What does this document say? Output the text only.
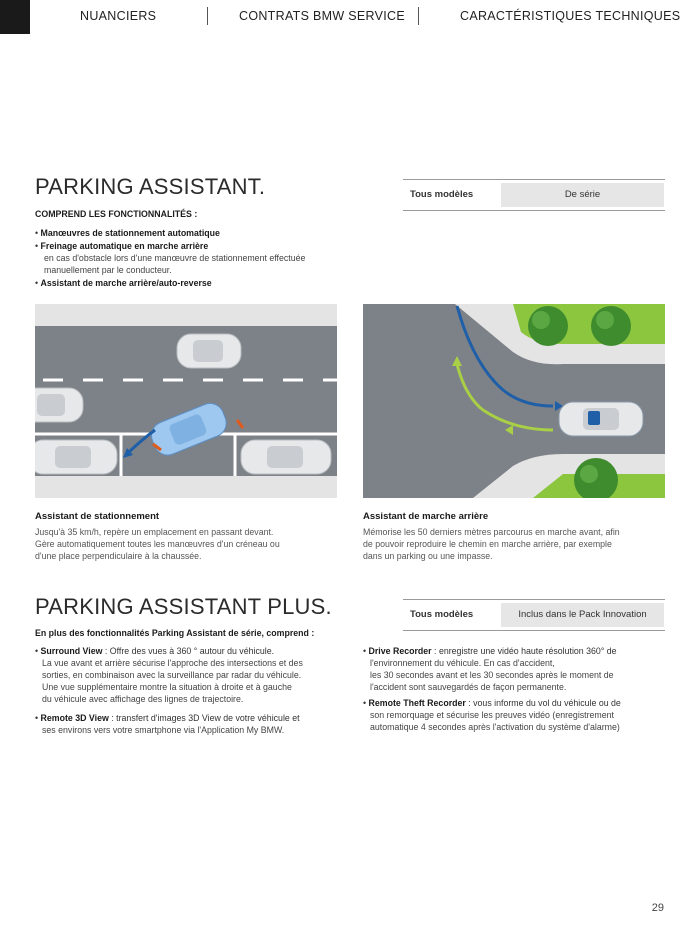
NUANCIERS	CONTRATS BMW SERVICE	CARACTÉRISTIQUES TECHNIQUES
PARKING ASSISTANT.	Tous modèles	De série
COMPREND LES FONCTIONNALITÉS :
• Manœuvres de stationnement automatique
• Freinage automatique en marche arrière
en cas d'obstacle lors d'une manœuvre de stationnement effectuée
manuellement par le conducteur.
• Assistant de marche arrière/auto-reverse
Assistant de stationnement
Jusqu'à 35 km/h, repère un emplacement en passant devant.
Gère automatiquement toutes les manœuvres d'un créneau ou
d'une place perpendiculaire à la chaussée.
Assistant de marche arrière
Mémorise les 50 derniers mètres parcourus en marche avant, afin
de pouvoir reproduire le chemin en marche arrière, par exemple
dans un parking ou une impasse.
PARKING ASSISTANT PLUS.	Tous modèles	Inclus dans le Pack Innovation
En plus des fonctionnalités Parking Assistant de série, comprend :
• Surround View : Offre des vues à 360 ° autour du véhicule.
La vue avant et arrière sécurise l'approche des intersections et des
sorties, en combinaison avec la surveillance par radar du véhicule.
Une vue supplémentaire montre la situation à droite et à gauche
du véhicule avec affichage des lignes de trajectoire.
• Remote 3D View : transfert d'images 3D View de votre véhicule et
ses environs vers votre smartphone via l'Application My BMW.
• Drive Recorder : enregistre une vidéo haute résolution 360° de
l'environnement du véhicule. En cas d'accident,
les 30 secondes avant et les 30 secondes après le moment de
l'accident sont sauvegardés de façon permanente.
• Remote Theft Recorder : vous informe du vol du véhicule ou de
son remorquage et sécurise les preuves vidéo (enregistrement
automatique 4 secondes après l'activation du système d'alarme)
29
